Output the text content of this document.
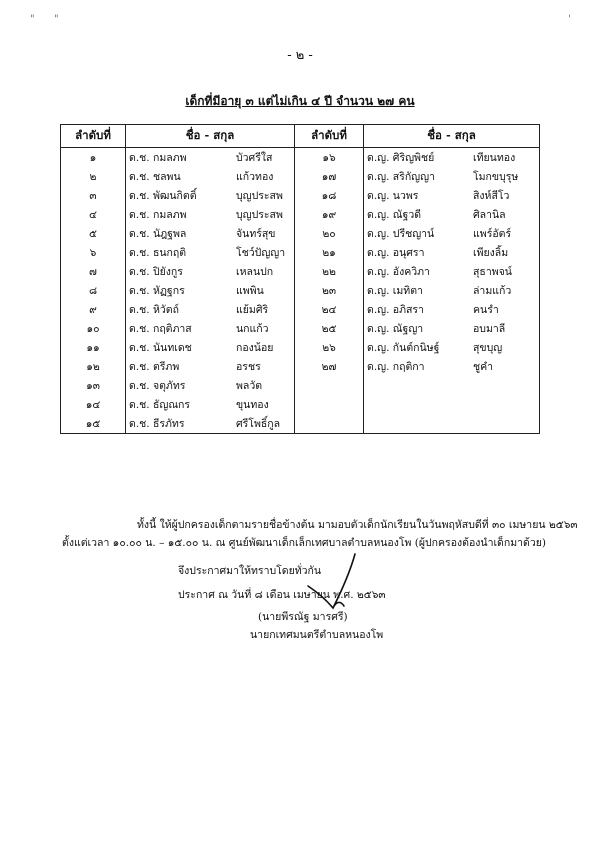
" "	'
- ๒ -
เด็กที่มีอายุ ๓ แต่ไม่เกิน ๔ ปี จำนวน ๒๗ คน
ลำดับที่	ชื่อ - สกุล		ลำดับที่	ชื่อ - สกุล	
๑	ด.ช. กมลภพ	บัวศรีใส	๑๖	ด.ญ. ศิริญพิชย์	เทียนทอง
๒	ด.ช. ชลพน	แก้วทอง	๑๗	ด.ญ. สริกัญญา	โมกขบุรุษ
๓	ด.ช. พัฒนกิตติ์	บุญประสพ	๑๘	ด.ญ. นวพร	สิงห์สีโว
๔	ด.ช. กมลภพ	บุญประสพ	๑๙	ด.ญ. ณัฐวดี	ศิลานิล
๕	ด.ช. นัฎฐพล	จันทร์สุข	๒๐	ด.ญ. ปรีชญาน์	แพร์อัตร์
๖	ด.ช. ธนกฤติ	โชว์ปัญญา	๒๑	ด.ญ. อนุศรา	เพียงลิ้ม
๗	ด.ช. ปิยังกูร	เหลนปก	๒๒	ด.ญ. อังควิภา	สุธาพจน์
๘	ด.ช. หัฏฐกร	แพพิน	๒๓	ด.ญ. เมทิตา	ล่ามแก้ว
๙	ด.ช. หิวัตถ์	แย้มศิริ	๒๔	ด.ญ. อภิสรา	คนรำ
๑๐	ด.ช. กฤติภาส	นกแก้ว	๒๕	ด.ญ. ณัฐญา	อบมาลี
๑๑	ด.ช. นันทเดช	กองน้อย	๒๖	ด.ญ. กันต์กนิษฐ์	สุขบุญ
๑๒	ด.ช. ตรีภพ	อรชร	๒๗	ด.ญ. กฤติกา	ชูคำ
๑๓	ด.ช. จตุภัทร	พลวัต			
๑๔	ด.ช. ธัญณกร	ขุนทอง			
๑๕	ด.ช. ธีรภัทร	ศรีโพธิ์กูล			
ทั้งนี้ ให้ผู้ปกครองเด็กตามรายชื่อข้างต้น มามอบตัวเด็กนักเรียนในวันพฤหัสบดีที่ ๓๐ เมษายน ๒๕๖๓
ตั้งแต่เวลา ๑๐.๐๐ น. – ๑๕.๐๐ น. ณ ศูนย์พัฒนาเด็กเล็กเทศบาลตำบลหนองโพ (ผู้ปกครองต้องนำเด็กมาด้วย)
จึงประกาศมาให้ทราบโดยทั่วกัน
ประกาศ ณ วันที่ ๘ เดือน เมษายน พ.ศ. ๒๕๖๓
(นายพีรณัฐ มารศรี)
นายกเทศมนตรีตำบลหนองโพ
